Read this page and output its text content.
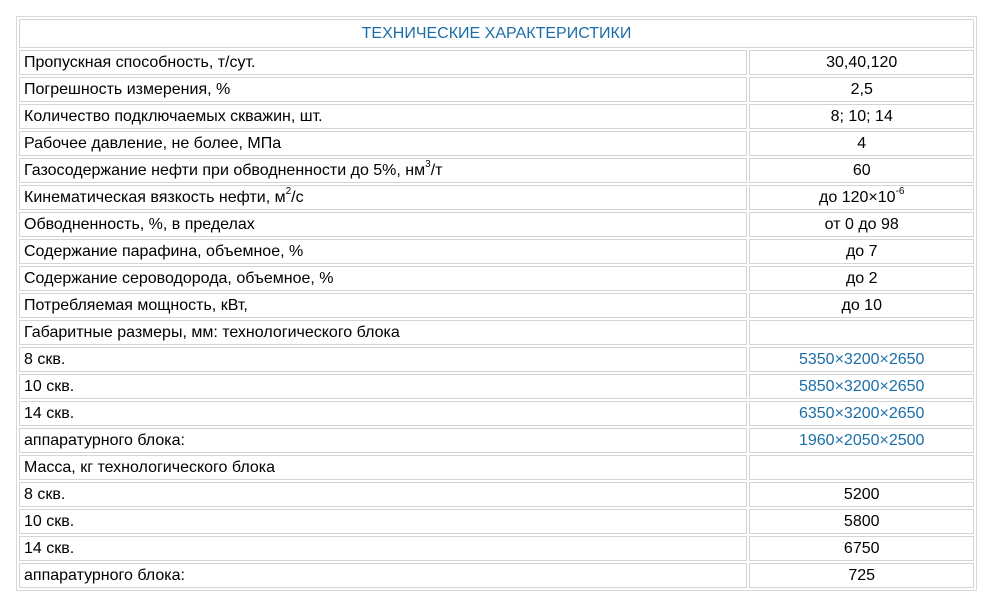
ТЕХНИЧЕСКИЕ ХАРАКТЕРИСТИКИ	
Пропускная способность, т/сут.	30,40,120
Погрешность измерения, %	2,5
Количество подключаемых скважин, шт.	8; 10; 14
Рабочее давление, не более, МПа	4
Газосодержание нефти при обводненности до 5%, $нм^3/т$	60
Кинематическая вязкость нефти, $м^2/с$	до $120\times 10^{-6}$
Обводненность, %, в пределах	от 0 до 98
Содержание парафина, объемное, %	до 7
Содержание сероводорода, объемное, %	до 2
Потребляемая мощность, кВт,	до 10
Габаритные размеры, мм: технологического блока	
8 скв.	5350×3200×2650
10 скв.	5850×3200×2650
14 скв.	6350×3200×2650
аппаратурного блока:	1960×2050×2500
Масса, кг технологического блока	
8 скв.	5200
10 скв.	5800
14 скв.	6750
аппаратурного блока:	725
